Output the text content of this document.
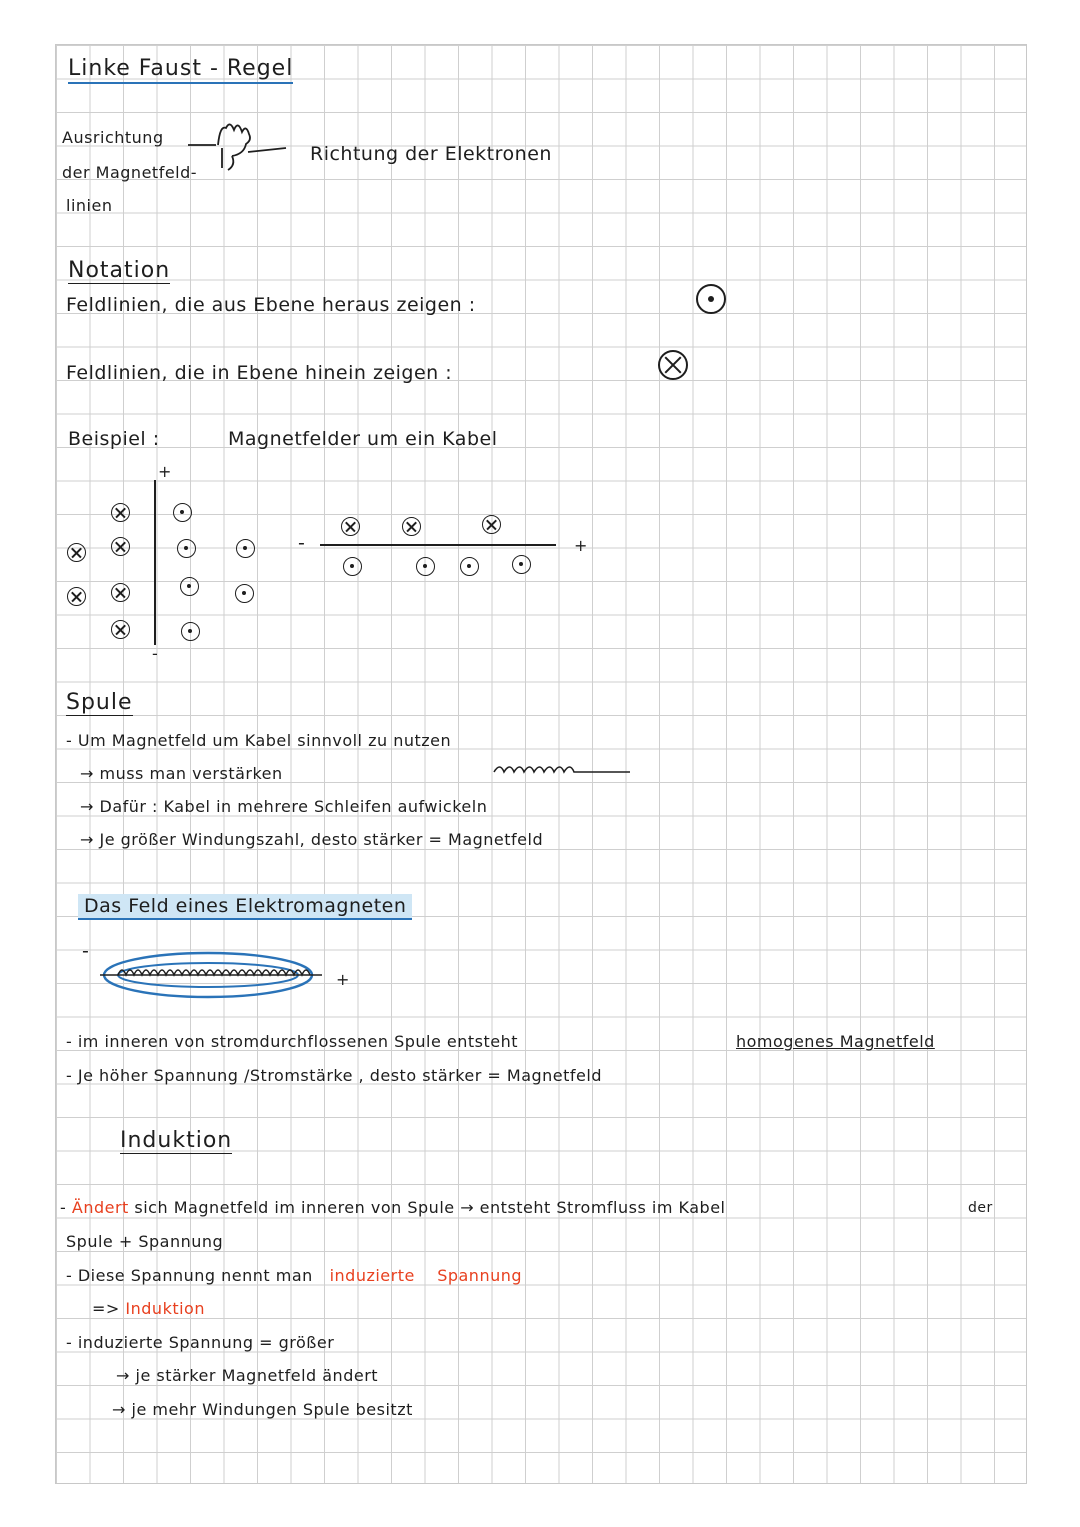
Linke Faust - Regel
Ausrichtung
der Magnetfeld-
linien
Richtung der Elektronen
Notation
Feldlinien, die aus Ebene heraus zeigen :
Feldlinien, die in Ebene hinein zeigen :
Beispiel :	Magnetfelder um ein Kabel
+
-
-	+
Spule
- Um Magnetfeld um Kabel sinnvoll zu nutzen
→ muss man verstärken
→ Dafür : Kabel in mehrere Schleifen aufwickeln
→ Je größer Windungszahl, desto stärker = Magnetfeld
Das Feld eines Elektromagneten
-
+
- im inneren von stromdurchflossenen Spule entsteht	homogenes Magnetfeld
- Je höher Spannung /Stromstärke , desto stärker = Magnetfeld
Induktion
- Ändert sich Magnetfeld im inneren von Spule → entsteht Stromfluss im Kabel	der
Spule + Spannung
- Diese Spannung nennt man induzierte Spannung
=> Induktion
- induzierte Spannung = größer
→ je stärker Magnetfeld ändert
→ je mehr Windungen Spule besitzt
